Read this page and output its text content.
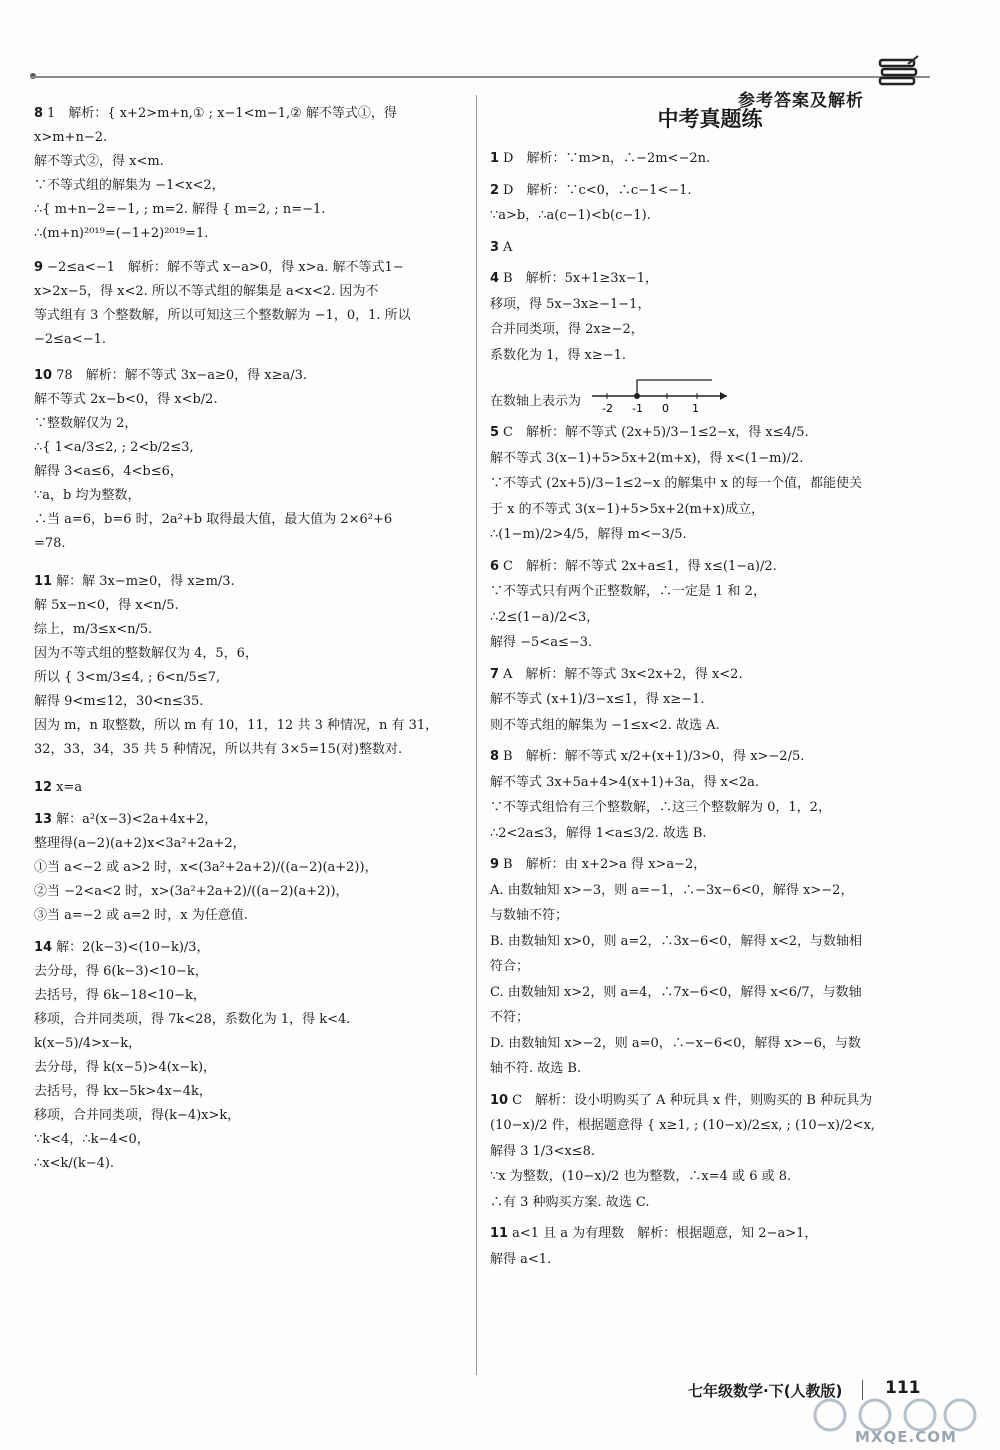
参考答案及解析
8 1　解析：{ x+2>m+n,① ; x−1<m−1,② 解不等式①，得 x>m+n−2.
解不等式②，得 x<m.
∵不等式组的解集为 −1<x<2，
∴{ m+n−2=−1, ; m=2. 解得 { m=2, ; n=−1.
∴(m+n)²⁰¹⁹=(−1+2)²⁰¹⁹=1.
9 −2≤a<−1　解析：解不等式 x−a>0，得 x>a. 解不等式1−
x>2x−5，得 x<2. 所以不等式组的解集是 a<x<2. 因为不
等式组有 3 个整数解，所以可知这三个整数解为 −1，0，1. 所以
−2≤a<−1.
10 78　解析：解不等式 3x−a≥0，得 x≥a/3.
解不等式 2x−b<0，得 x<b/2.
∵整数解仅为 2，
∴{ 1<a/3≤2, ; 2<b/2≤3,
解得 3<a≤6，4<b≤6，
∵a，b 均为整数，
∴当 a=6，b=6 时，2a²+b 取得最大值，最大值为 2×6²+6
=78.
11 解：解 3x−m≥0，得 x≥m/3.
解 5x−n<0，得 x<n/5.
综上，m/3≤x<n/5.
因为不等式组的整数解仅为 4，5，6，
所以 { 3<m/3≤4, ; 6<n/5≤7,
解得 9<m≤12，30<n≤35.
因为 m，n 取整数，所以 m 有 10，11，12 共 3 种情况，n 有 31，
32，33，34，35 共 5 种情况，所以共有 3×5=15(对)整数对.
12 x=a
13 解：a²(x−3)<2a+4x+2，
整理得(a−2)(a+2)x<3a²+2a+2，
①当 a<−2 或 a>2 时，x<(3a²+2a+2)/((a−2)(a+2))，
②当 −2<a<2 时，x>(3a²+2a+2)/((a−2)(a+2))，
③当 a=−2 或 a=2 时，x 为任意值.
14 解：2(k−3)<(10−k)/3，
去分母，得 6(k−3)<10−k，
去括号，得 6k−18<10−k，
移项，合并同类项，得 7k<28，系数化为 1，得 k<4.
k(x−5)/4>x−k，
去分母，得 k(x−5)>4(x−k)，
去括号，得 kx−5k>4x−4k，
移项，合并同类项，得(k−4)x>k，
∵k<4，∴k−4<0，
∴x<k/(k−4).
中考真题练
1 D　解析：∵m>n，∴−2m<−2n.
2 D　解析：∵c<0，∴c−1<−1.
∵a>b，∴a(c−1)<b(c−1).
3 A
4 B　解析：5x+1≥3x−1，
移项，得 5x−3x≥−1−1，
合并同类项，得 2x≥−2，
系数化为 1，得 x≥−1.
在数轴上表示为 -2 -1 0 1
5 C　解析：解不等式 (2x+5)/3−1≤2−x，得 x≤4/5.
解不等式 3(x−1)+5>5x+2(m+x)，得 x<(1−m)/2.
∵不等式 (2x+5)/3−1≤2−x 的解集中 x 的每一个值，都能使关
于 x 的不等式 3(x−1)+5>5x+2(m+x)成立，
∴(1−m)/2>4/5，解得 m<−3/5.
6 C　解析：解不等式 2x+a≤1，得 x≤(1−a)/2.
∵不等式只有两个正整数解，∴一定是 1 和 2，
∴2≤(1−a)/2<3，
解得 −5<a≤−3.
7 A　解析：解不等式 3x<2x+2，得 x<2.
解不等式 (x+1)/3−x≤1，得 x≥−1.
则不等式组的解集为 −1≤x<2. 故选 A.
8 B　解析：解不等式 x/2+(x+1)/3>0，得 x>−2/5.
解不等式 3x+5a+4>4(x+1)+3a，得 x<2a.
∵不等式组恰有三个整数解，∴这三个整数解为 0，1，2，
∴2<2a≤3，解得 1<a≤3/2. 故选 B.
9 B　解析：由 x+2>a 得 x>a−2，
A. 由数轴知 x>−3，则 a=−1，∴−3x−6<0，解得 x>−2，
与数轴不符；
B. 由数轴知 x>0，则 a=2，∴3x−6<0，解得 x<2，与数轴相
符合；
C. 由数轴知 x>2，则 a=4，∴7x−6<0，解得 x<6/7，与数轴
不符；
D. 由数轴知 x>−2，则 a=0，∴−x−6<0，解得 x>−6，与数
轴不符. 故选 B.
10 C　解析：设小明购买了 A 种玩具 x 件，则购买的 B 种玩具为
(10−x)/2 件，根据题意得 { x≥1, ; (10−x)/2≤x, ; (10−x)/2<x,
解得 3 1/3<x≤8.
∵x 为整数，(10−x)/2 也为整数，∴x=4 或 6 或 8.
∴有 3 种购买方案. 故选 C.
11 a<1 且 a 为有理数　解析：根据题意，知 2−a>1，
解得 a<1.
七年级数学·下(人教版)	111
MXQE.COM
